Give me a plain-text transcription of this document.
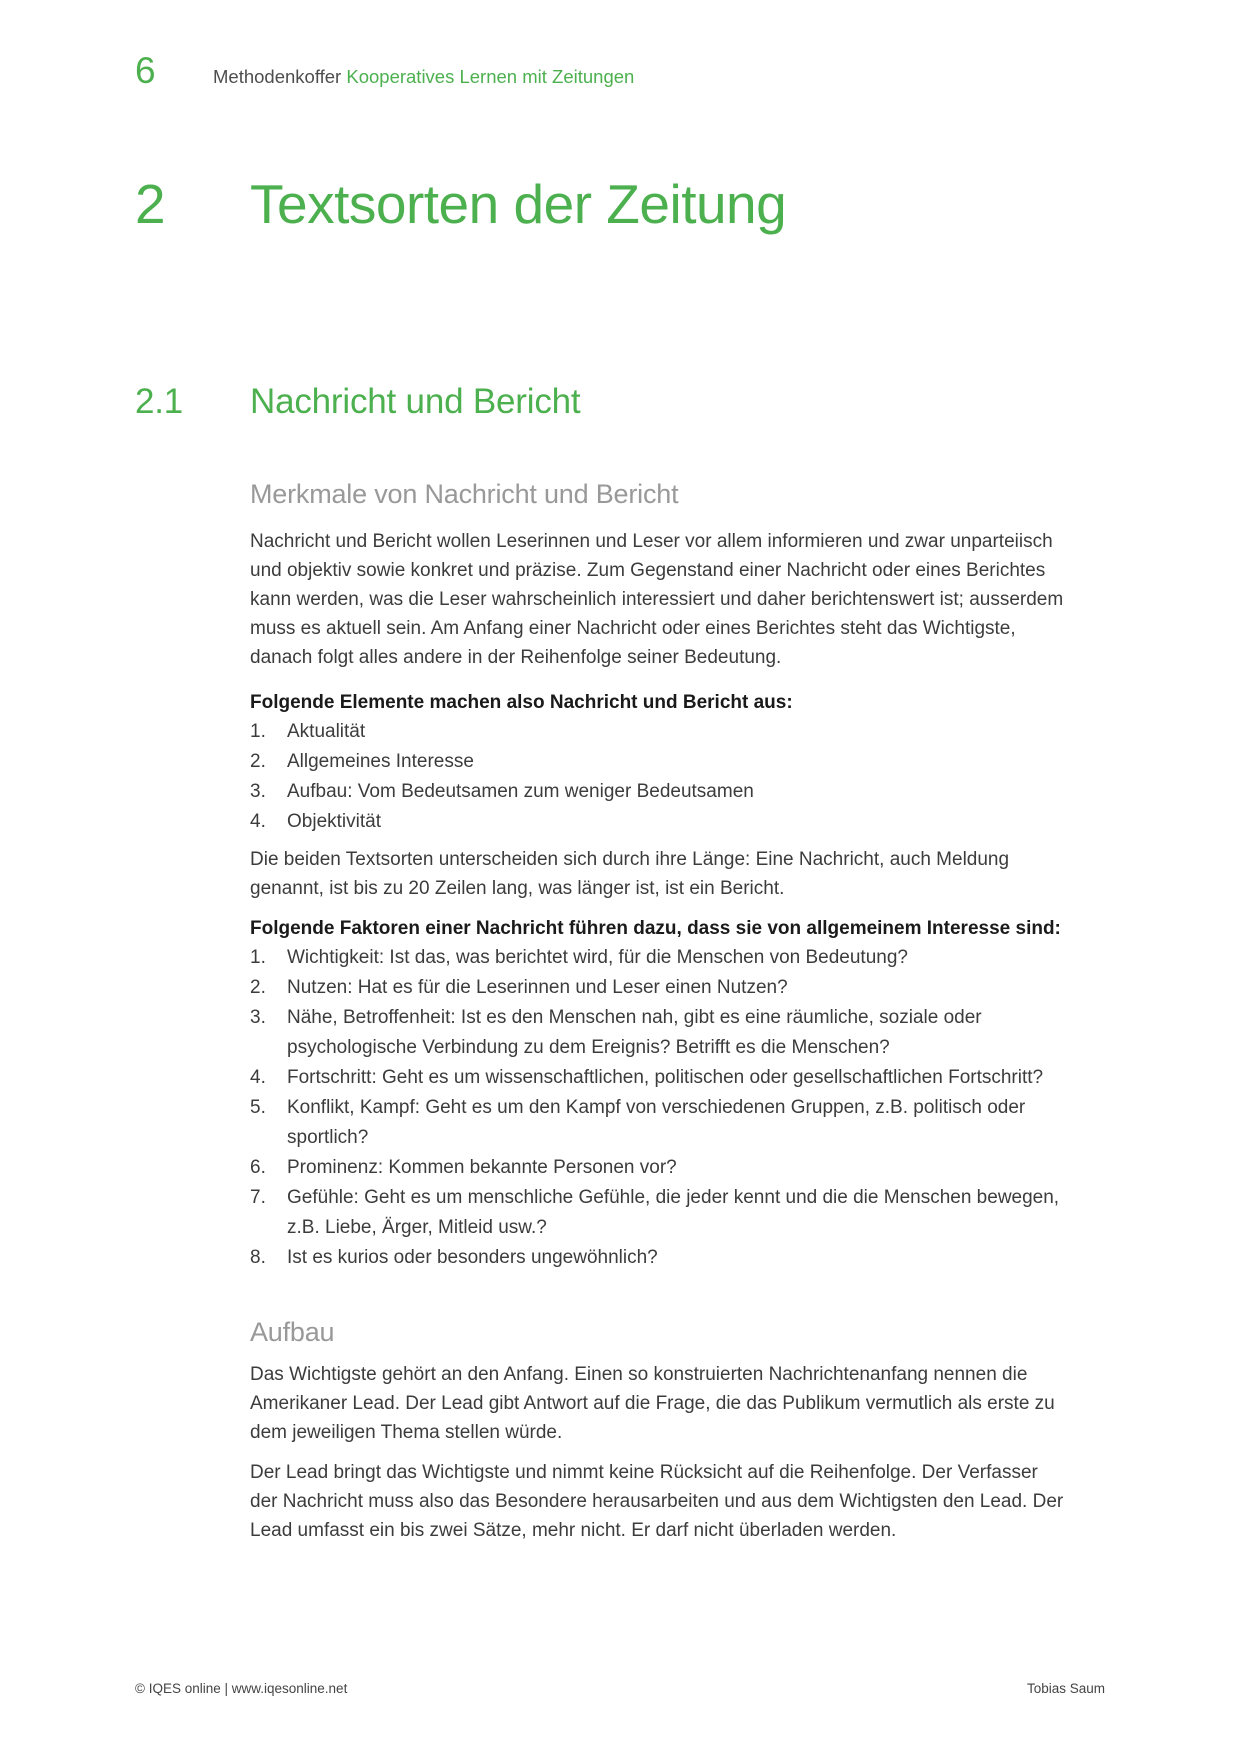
6	Methodenkoffer Kooperatives Lernen mit Zeitungen
2	Textsorten der Zeitung
2.1	Nachricht und Bericht
Merkmale von Nachricht und Bericht

Nachricht und Bericht wollen Leserinnen und Leser vor allem informieren und zwar unparteiisch und objektiv sowie konkret und präzise. Zum Gegenstand einer Nachricht oder eines Berichtes kann werden, was die Leser wahrscheinlich interessiert und daher berichtenswert ist; ausserdem muss es aktuell sein. Am Anfang einer Nachricht oder eines Berichtes steht das Wichtigste, danach folgt alles andere in der Reihenfolge seiner Bedeutung.

Folgende Elemente machen also Nachricht und Bericht aus:

1.	Aktualität
2.	Allgemeines Interesse
3.	Aufbau: Vom Bedeutsamen zum weniger Bedeutsamen
4.	Objektivität

Die beiden Textsorten unterscheiden sich durch ihre Länge: Eine Nachricht, auch Meldung genannt, ist bis zu 20 Zeilen lang, was länger ist, ist ein Bericht.

Folgende Faktoren einer Nachricht führen dazu, dass sie von allgemeinem Interesse sind:

1.	Wichtigkeit: Ist das, was berichtet wird, für die Menschen von Bedeutung?
2.	Nutzen: Hat es für die Leserinnen und Leser einen Nutzen?
3.	Nähe, Betroffenheit: Ist es den Menschen nah, gibt es eine räumliche, soziale oder psychologische Verbindung zu dem Ereignis? Betrifft es die Menschen?
4.	Fortschritt: Geht es um wissenschaftlichen, politischen oder gesellschaftlichen Fortschritt?
5.	Konflikt, Kampf: Geht es um den Kampf von verschiedenen Gruppen, z.B. politisch oder sportlich?
6.	Prominenz: Kommen bekannte Personen vor?
7.	Gefühle: Geht es um menschliche Gefühle, die jeder kennt und die die Menschen bewegen, z.B. Liebe, Ärger, Mitleid usw.?
8.	Ist es kurios oder besonders ungewöhnlich?
Aufbau

Das Wichtigste gehört an den Anfang. Einen so konstruierten Nachrichtenanfang nennen die Amerikaner Lead. Der Lead gibt Antwort auf die Frage, die das Publikum vermutlich als erste zu dem jeweiligen Thema stellen würde.

Der Lead bringt das Wichtigste und nimmt keine Rücksicht auf die Reihenfolge. Der Verfasser der Nachricht muss also das Besondere herausarbeiten und aus dem Wichtigsten den Lead. Der Lead umfasst ein bis zwei Sätze, mehr nicht. Er darf nicht überladen werden.

© IQES online | www.iqesonline.net	Tobias Saum
